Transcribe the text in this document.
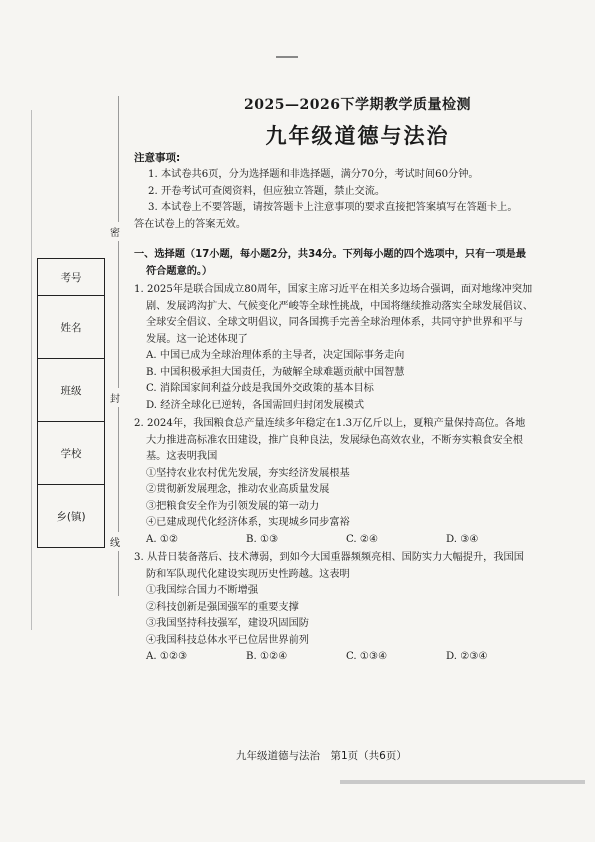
考号
姓名
班级
学校
乡(镇)
密
封
线
2025—2026下学期教学质量检测
九年级道德与法治
注意事项:
1. 本试卷共6页，分为选择题和非选择题，满分70分，考试时间60分钟。
2. 开卷考试可查阅资料，但应独立答题，禁止交流。
3. 本试卷上不要答题，请按答题卡上注意事项的要求直接把答案填写在答题卡上。
答在试卷上的答案无效。
一、选择题（17小题，每小题2分，共34分。下列每小题的四个选项中，只有一项是最
符合题意的。）
1. 2025年是联合国成立80周年，国家主席习近平在相关多边场合强调，面对地缘冲突加
剧、发展鸿沟扩大、气候变化严峻等全球性挑战，中国将继续推动落实全球发展倡议、
全球安全倡议、全球文明倡议，同各国携手完善全球治理体系，共同守护世界和平与
发展。这一论述体现了
A. 中国已成为全球治理体系的主导者，决定国际事务走向
B. 中国积极承担大国责任，为破解全球难题贡献中国智慧
C. 消除国家间利益分歧是我国外交政策的基本目标
D. 经济全球化已逆转，各国需回归封闭发展模式
2. 2024年，我国粮食总产量连续多年稳定在1.3万亿斤以上，夏粮产量保持高位。各地
大力推进高标准农田建设，推广良种良法，发展绿色高效农业，不断夯实粮食安全根
基。这表明我国
①坚持农业农村优先发展，夯实经济发展根基
②贯彻新发展理念，推动农业高质量发展
③把粮食安全作为引领发展的第一动力
④已建成现代化经济体系，实现城乡同步富裕
A. ①②	B. ①③	C. ②④	D. ③④
3. 从昔日装备落后、技术薄弱，到如今大国重器频频亮相、国防实力大幅提升，我国国
防和军队现代化建设实现历史性跨越。这表明
①我国综合国力不断增强
②科技创新是强国强军的重要支撑
③我国坚持科技强军，建设巩固国防
④我国科技总体水平已位居世界前列
A. ①②③	B. ①②④	C. ①③④	D. ②③④
九年级道德与法治　第1页（共6页）
